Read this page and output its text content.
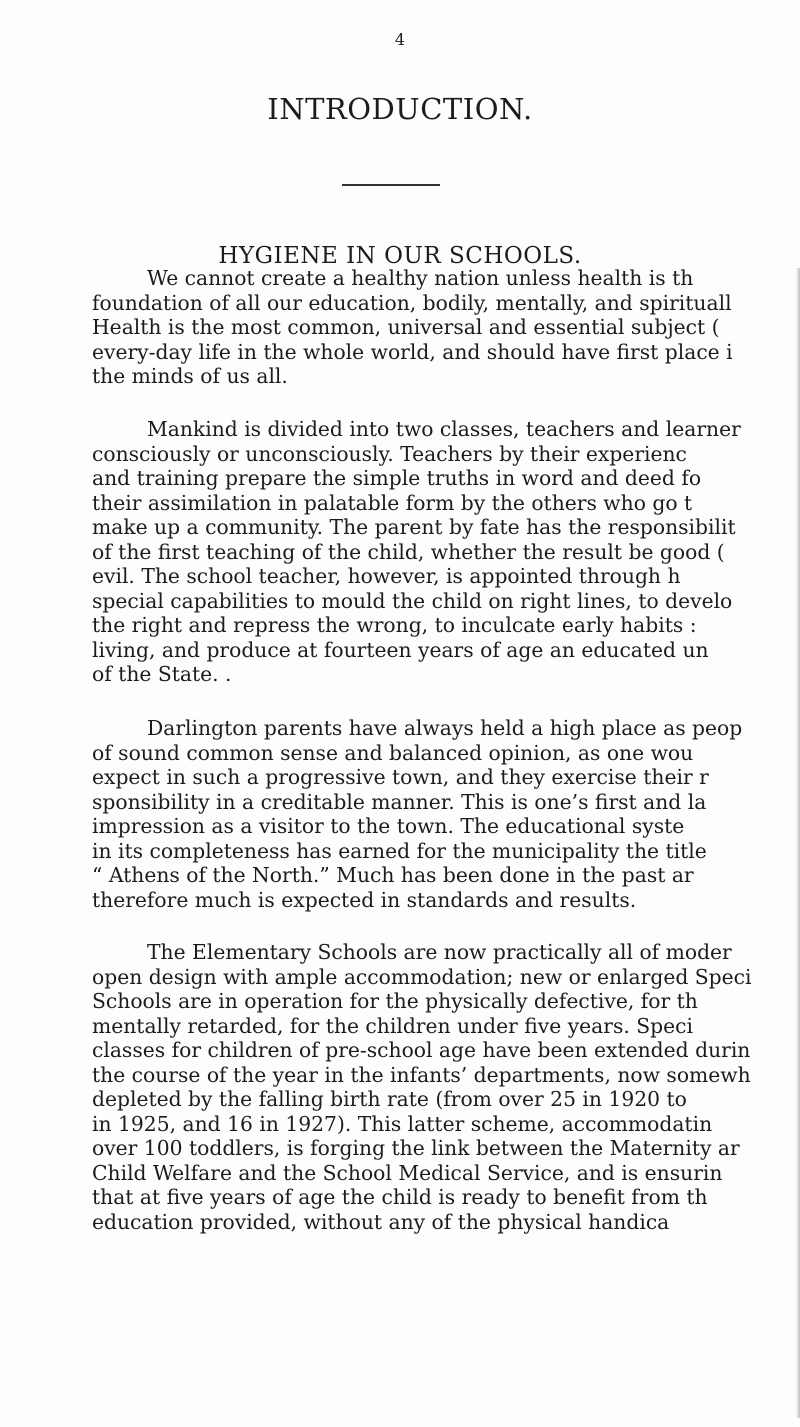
4
INTRODUCTION.
HYGIENE IN OUR SCHOOLS.
We cannot create a healthy nation unless health is th
foundation of all our education, bodily, mentally, and spirituall
Health is the most common, universal and essential subject (
every-day life in the whole world, and should have first place i
the minds of us all.
Mankind is divided into two classes, teachers and learner
consciously or unconsciously. Teachers by their experienc
and training prepare the simple truths in word and deed fo
their assimilation in palatable form by the others who go t
make up a community. The parent by fate has the responsibilit
of the first teaching of the child, whether the result be good (
evil. The school teacher, however, is appointed through h
special capabilities to mould the child on right lines, to develo
the right and repress the wrong, to inculcate early habits :
living, and produce at fourteen years of age an educated un
of the State. .
Darlington parents have always held a high place as peop
of sound common sense and balanced opinion, as one wou
expect in such a progressive town, and they exercise their r
sponsibility in a creditable manner. This is one’s first and la
impression as a visitor to the town. The educational syste
in its completeness has earned for the municipality the title
“ Athens of the North.” Much has been done in the past ar
therefore much is expected in standards and results.
The Elementary Schools are now practically all of moder
open design with ample accommodation; new or enlarged Speci
Schools are in operation for the physically defective, for th
mentally retarded, for the children under five years. Speci
classes for children of pre-school age have been extended durin
the course of the year in the infants’ departments, now somewh
depleted by the falling birth rate (from over 25 in 1920 to
in 1925, and 16 in 1927). This latter scheme, accommodatin
over 100 toddlers, is forging the link between the Maternity ar
Child Welfare and the School Medical Service, and is ensurin
that at five years of age the child is ready to benefit from th
education provided, without any of the physical handica
